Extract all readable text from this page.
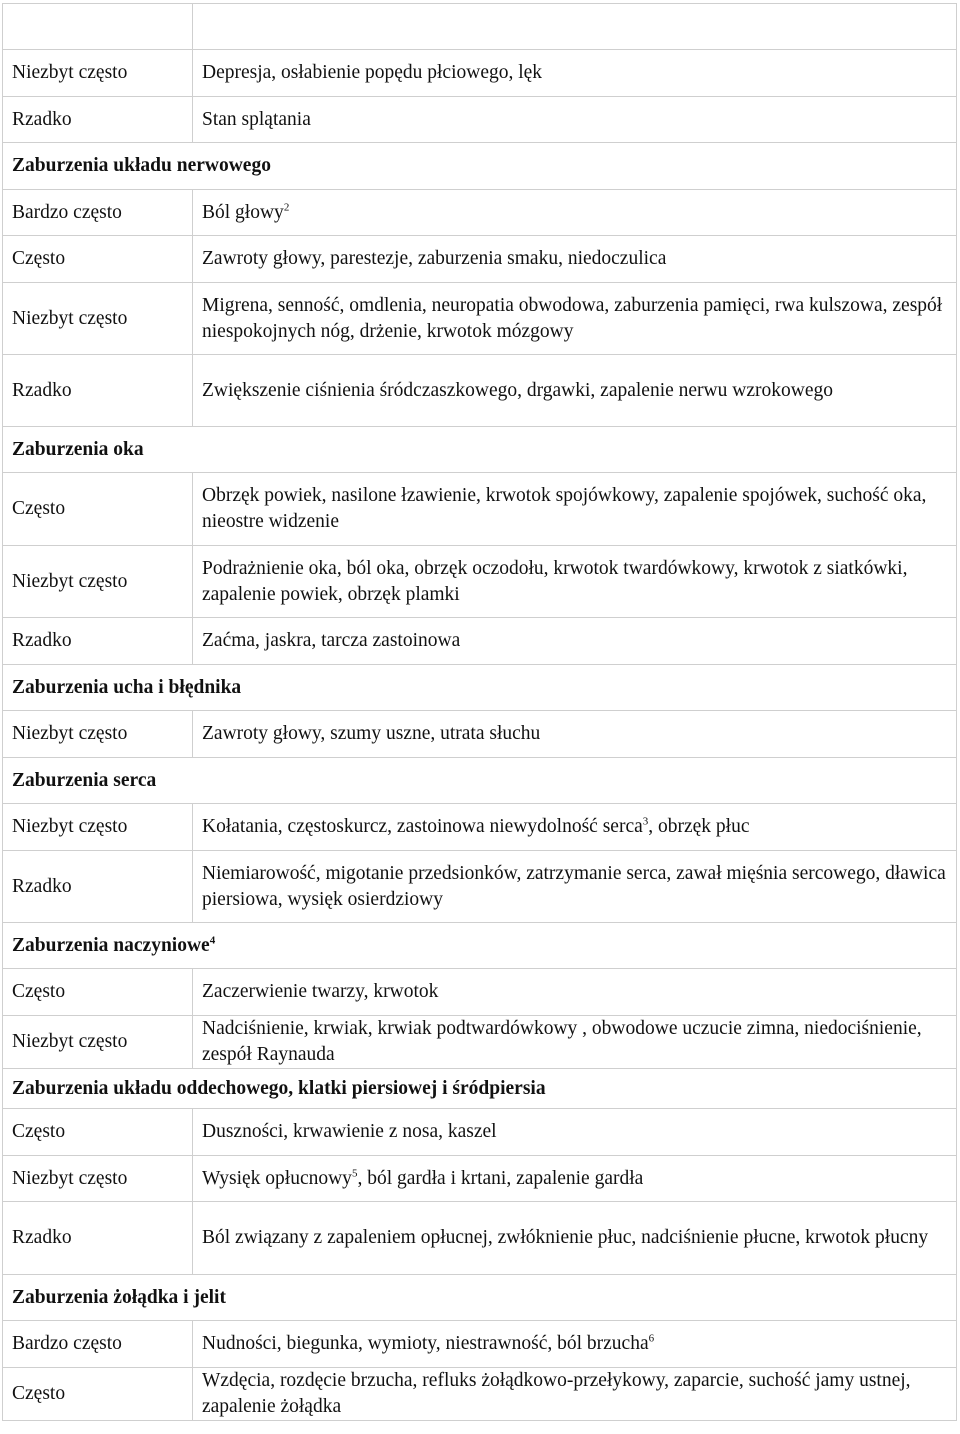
Niezbyt często	Depresja, osłabienie popędu płciowego, lęk
Rzadko	Stan splątania
Zaburzenia układu nerwowego	
Bardzo często	Ból głowy$^2$
Często	Zawroty głowy, parestezje, zaburzenia smaku, niedoczulica
Niezbyt często	Migrena, senność, omdlenia, neuropatia obwodowa, zaburzenia pamięci, rwa kulszowa, zespół niespokojnych nóg, drżenie, krwotok mózgowy
Rzadko	Zwiększenie ciśnienia śródczaszkowego, drgawki, zapalenie nerwu wzrokowego
Zaburzenia oka	
Często	Obrzęk powiek, nasilone łzawienie, krwotok spojówkowy, zapalenie spojówek, suchość oka, nieostre widzenie
Niezbyt często	Podrażnienie oka, ból oka, obrzęk oczodołu, krwotok twardówkowy, krwotok z siatkówki, zapalenie powiek, obrzęk plamki
Rzadko	Zaćma, jaskra, tarcza zastoinowa
Zaburzenia ucha i błędnika	
Niezbyt często	Zawroty głowy, szumy uszne, utrata słuchu
Zaburzenia serca	
Niezbyt często	Kołatania, częstoskurcz, zastoinowa niewydolność serca$^3$, obrzęk płuc
Rzadko	Niemiarowość, migotanie przedsionków, zatrzymanie serca, zawał mięśnia sercowego, dławica piersiowa, wysięk osierdziowy
Zaburzenia naczyniowe$^4$
Często	Zaczerwienie twarzy, krwotok
Niezbyt często	Nadciśnienie, krwiak, krwiak podtwardówkowy , obwodowe uczucie zimna, niedociśnienie, zespół Raynauda
Zaburzenia układu oddechowego, klatki piersiowej i śródpiersia	
Często	Duszności, krwawienie z nosa, kaszel
Niezbyt często	Wysięk opłucnowy$^5$, ból gardła i krtani, zapalenie gardła
Rzadko	Ból związany z zapaleniem opłucnej, zwłóknienie płuc, nadciśnienie płucne, krwotok płucny
Zaburzenia żołądka i jelit	
Bardzo często	Nudności, biegunka, wymioty, niestrawność, ból brzucha$^6$
Często	Wzdęcia, rozdęcie brzucha, refluks żołądkowo-przełykowy, zaparcie, suchość jamy ustnej, zapalenie żołądka
